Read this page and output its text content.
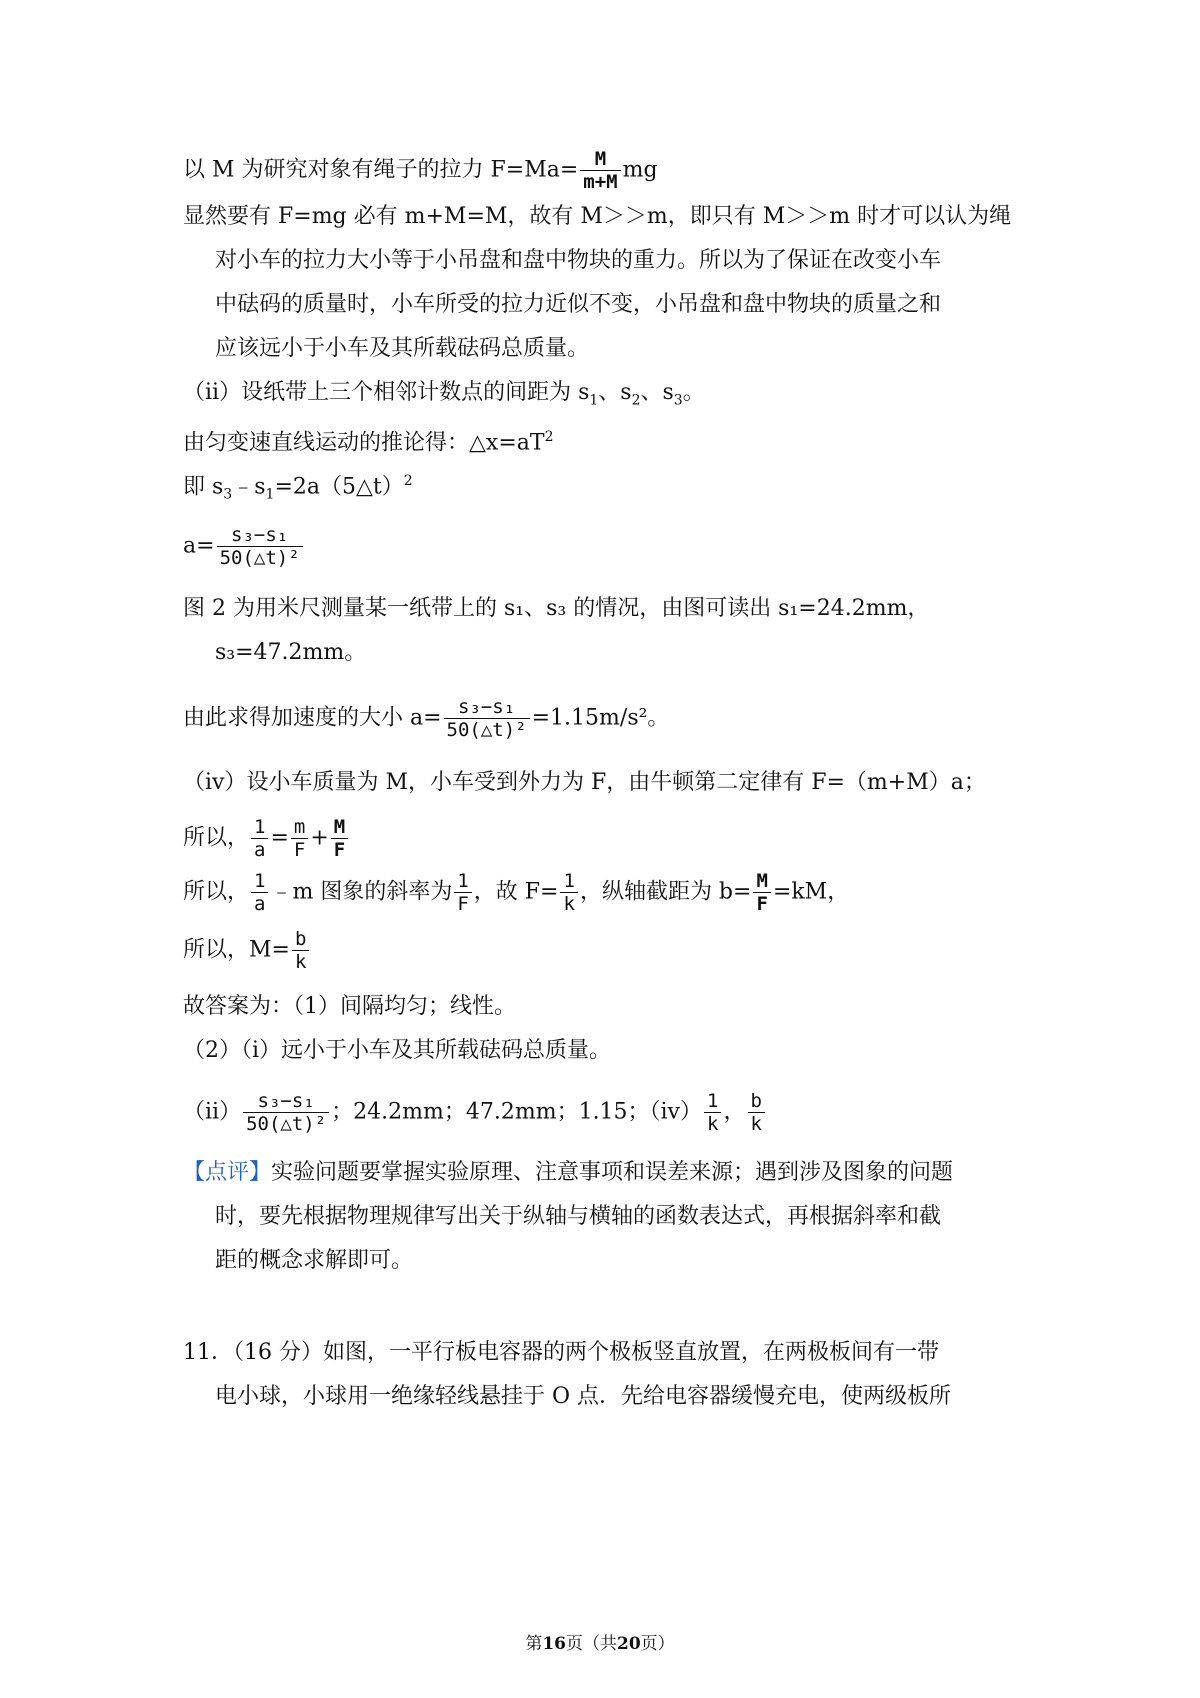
以 M 为研究对象有绳子的拉力 $F=Ma= \frac{M}{m+M}$ mg
显然要有 F=mg 必有 m+M=M，故有 M＞＞m，即只有 M＞＞m 时才可以认为绳
对小车的拉力大小等于小吊盘和盘中物块的重力。所以为了保证在改变小车
中砝码的质量时，小车所受的拉力近似不变，小吊盘和盘中物块的质量之和
应该远小于小车及其所载砝码总质量。
（ⅱ）设纸带上三个相邻计数点的间距为 $s_1$、$s_2$、$s_3$。
由匀变速直线运动的推论得：$\triangle x=aT^2$
即 $s_3﹣s_1=2a(5\triangle t)^2$
$a= \frac{\text{s₃−s₁}}{\text{50(△t)²}}$
图 2 为用米尺测量某一纸带上的 s₁、s₃ 的情况，由图可读出 s₁=24.2mm，
s₃=47.2mm。
由此求得加速度的大小 $a= \frac{\text{s₃−s₁}}{\text{50(△t)²}} =1.15m/s^2$。
（ⅳ）设小车质量为 M，小车受到外力为 F，由牛顿第二定律有 F=（m+M）a；
所以， $\frac{1}{a} = \frac{m}{F} + \frac{M}{F}$
所以， $\frac{1}{a}$ ﹣m 图象的斜率为 $\frac{1}{F}$ ，故 $F= \frac{1}{k}$ ，纵轴截距为 $b= \frac{M}{F} =kM$，
所以，$M= \frac{b}{k}$
故答案为：（1）间隔均匀；线性。
（2）（ⅰ）远小于小车及其所载砝码总质量。
（ⅱ） $\frac{\text{s₃−s₁}}{\text{50(△t)²}}$ ；24.2mm；47.2mm；1.15；（ⅳ） $\frac{1}{k}$ ， $\frac{b}{k}$
【点评】实验问题要掌握实验原理、注意事项和误差来源；遇到涉及图象的问题
时，要先根据物理规律写出关于纵轴与横轴的函数表达式，再根据斜率和截
距的概念求解即可。
11．（16 分）如图，一平行板电容器的两个极板竖直放置，在两极板间有一带
电小球，小球用一绝缘轻线悬挂于 O 点．先给电容器缓慢充电，使两级板所
第16页（共20页）
